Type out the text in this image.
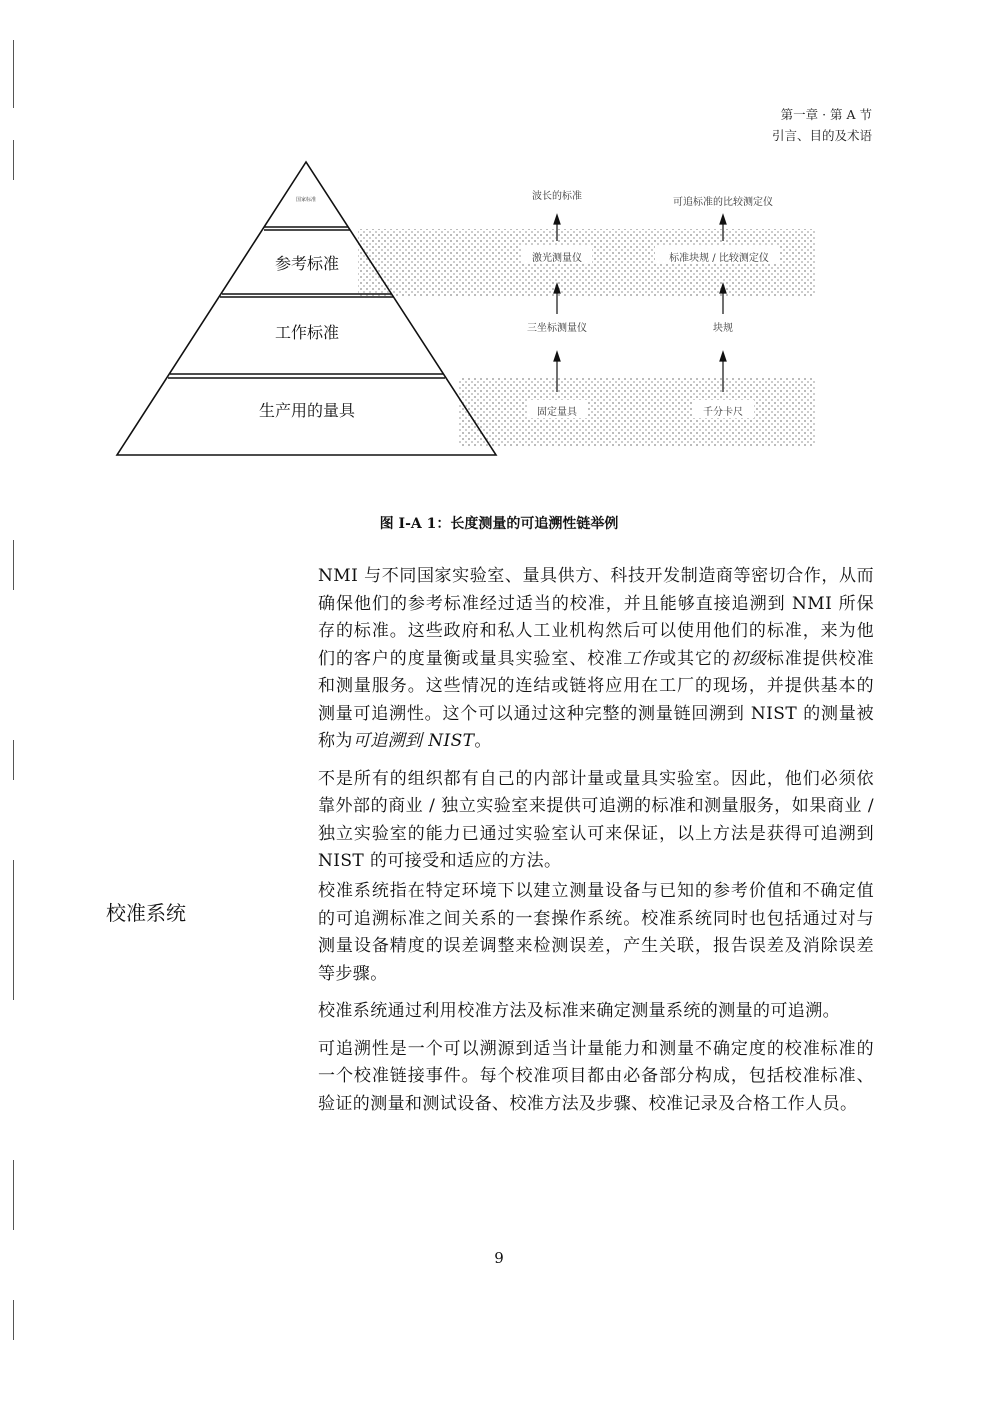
第一章 · 第 A 节
引言、目的及术语
国家标准
参考标准
工作标准
生产用的量具
波长的标准
激光测量仪
三坐标测量仪
固定量具
可追标准的比较测定仪
标准块规 / 比较测定仪
块规
千分卡尺
图 I-A 1：长度测量的可追溯性链举例

NMI 与不同国家实验室、量具供方、科技开发制造商等密切合作，从而确保他们的参考标准经过适当的校准，并且能够直接追溯到 NMI 所保存的标准。这些政府和私人工业机构然后可以使用他们的标准，来为他们的客户的度量衡或量具实验室、校准工作或其它的初级标准提供校准和测量服务。这些情况的连结或链将应用在工厂的现场，并提供基本的测量可追溯性。这个可以通过这种完整的测量链回溯到 NIST 的测量被称为可追溯到 NIST。

不是所有的组织都有自己的内部计量或量具实验室。因此，他们必须依靠外部的商业 / 独立实验室来提供可追溯的标准和测量服务，如果商业 / 独立实验室的能力已通过实验室认可来保证，以上方法是获得可追溯到 NIST 的可接受和适应的方法。

校准系统

校准系统指在特定环境下以建立测量设备与已知的参考价值和不确定值的可追溯标准之间关系的一套操作系统。校准系统同时也包括通过对与测量设备精度的误差调整来检测误差，产生关联，报告误差及消除误差等步骤。

校准系统通过利用校准方法及标准来确定测量系统的测量的可追溯。

可追溯性是一个可以溯源到适当计量能力和测量不确定度的校准标准的一个校准链接事件。每个校准项目都由必备部分构成，包括校准标准、验证的测量和测试设备、校准方法及步骤、校准记录及合格工作人员。

9
